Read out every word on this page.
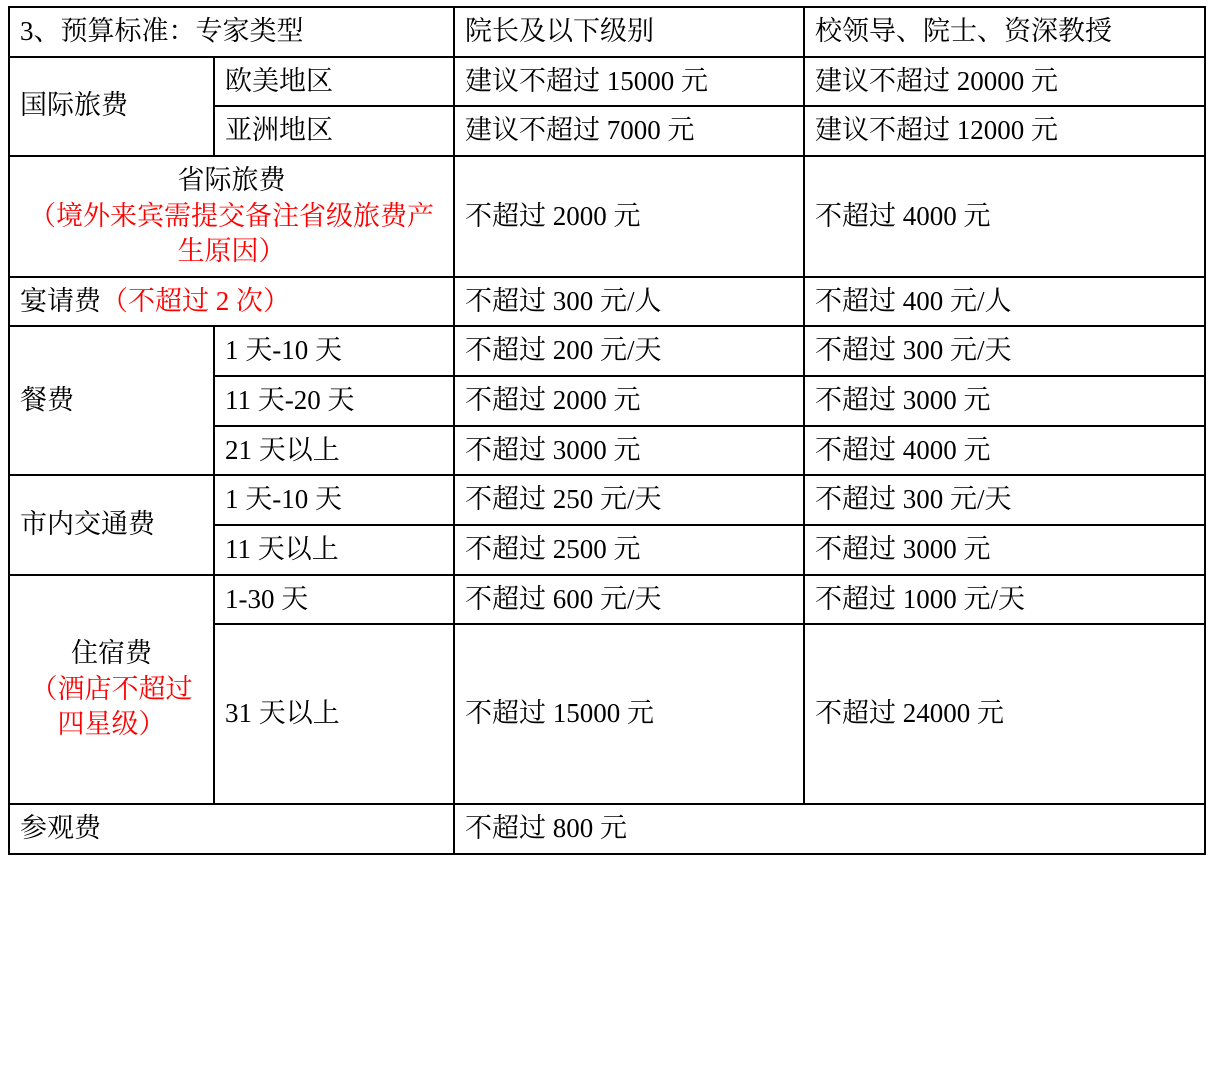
3、预算标准：专家类型		院长及以下级别	校领导、院士、资深教授
国际旅费	欧美地区	建议不超过 15000 元	建议不超过 20000 元
	亚洲地区	建议不超过 7000 元	建议不超过 12000 元

省际旅费
（境外来宾需提交备注省级旅费产生原因）		不超过 2000 元	不超过 4000 元
宴请费（不超过 2 次）		不超过 300 元/人	不超过 400 元/人
餐费	1 天-10 天	不超过 200 元/天	不超过 300 元/天
	11 天-20 天	不超过 2000 元	不超过 3000 元
	21 天以上	不超过 3000 元	不超过 4000 元
市内交通费	1 天-10 天	不超过 250 元/天	不超过 300 元/天
	11 天以上	不超过 2500 元	不超过 3000 元

住宿费
（酒店不超过四星级）	1-30 天	不超过 600 元/天	不超过 1000 元/天
	31 天以上	不超过 15000 元	不超过 24000 元
参观费		不超过 800 元	
